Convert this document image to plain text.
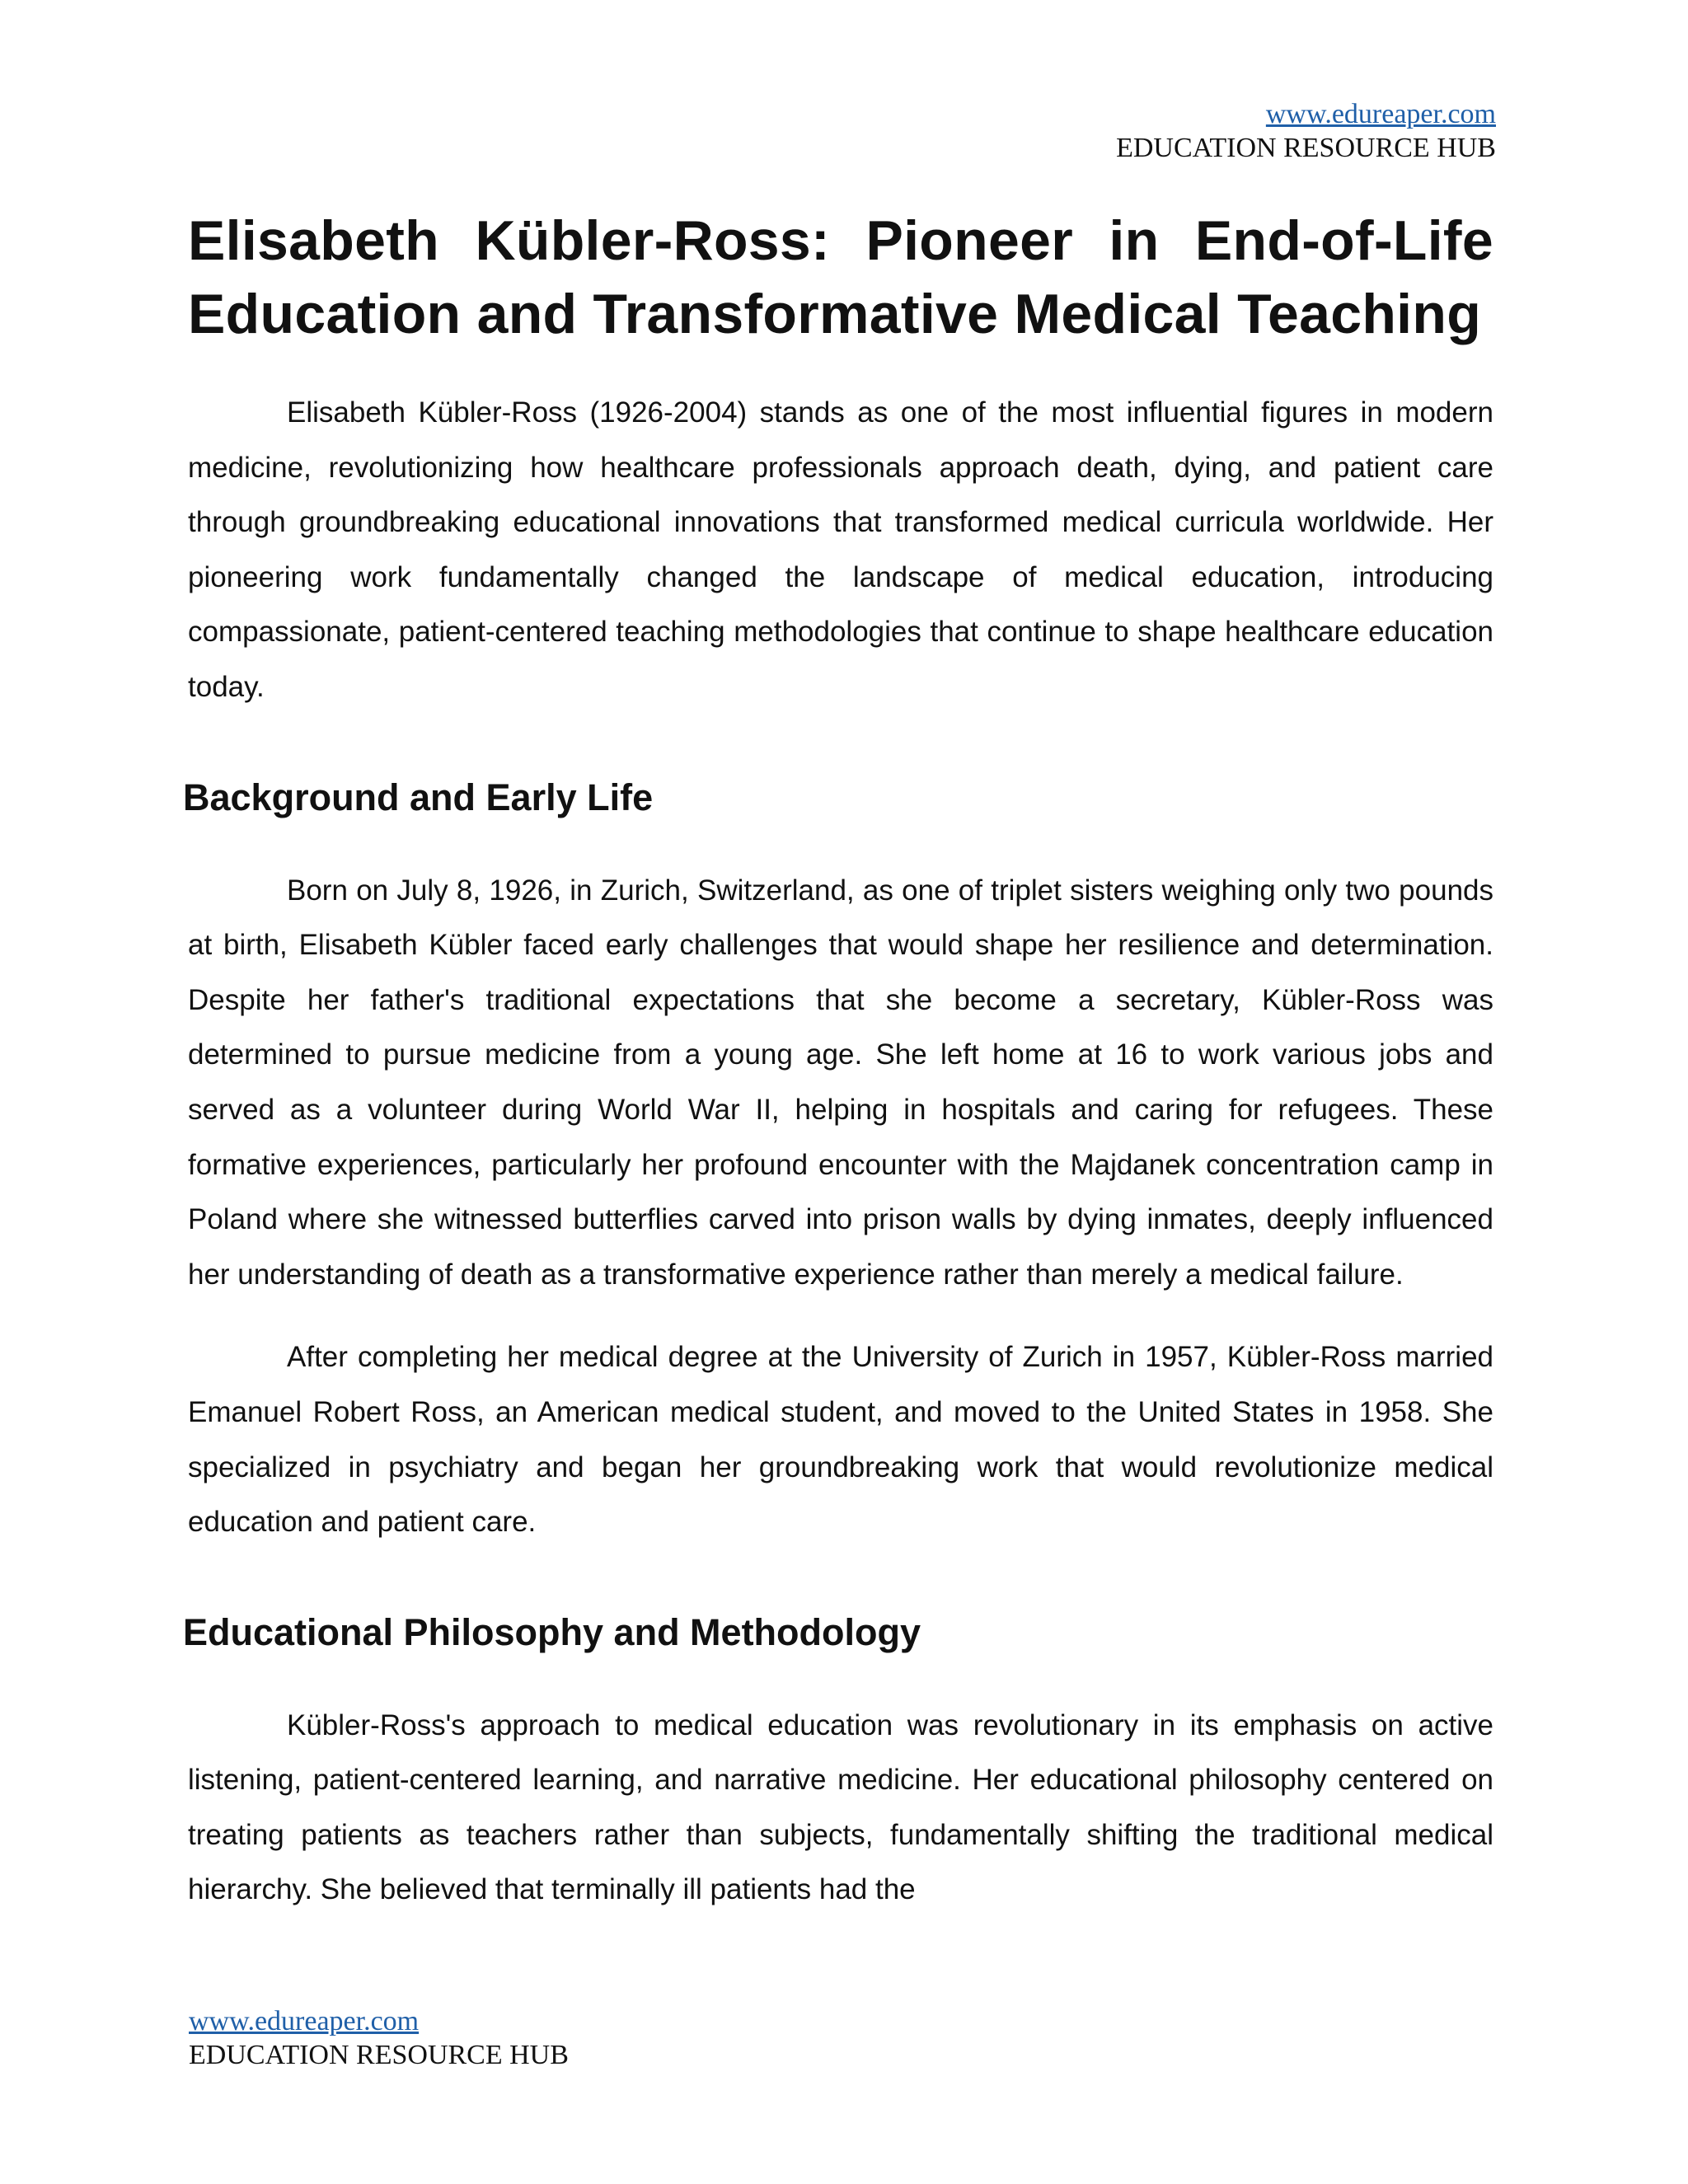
www.edureaper.com
EDUCATION RESOURCE HUB
Elisabeth Kübler-Ross: Pioneer in End-of-Life Education and Transformative Medical Teaching

Elisabeth Kübler-Ross (1926-2004) stands as one of the most influential figures in modern medicine, revolutionizing how healthcare professionals approach death, dying, and patient care through groundbreaking educational innovations that transformed medical curricula worldwide. Her pioneering work fundamentally changed the landscape of medical education, introducing compassionate, patient-centered teaching methodologies that continue to shape healthcare education today.

Background and Early Life

Born on July 8, 1926, in Zurich, Switzerland, as one of triplet sisters weighing only two pounds at birth, Elisabeth Kübler faced early challenges that would shape her resilience and determination. Despite her father's traditional expectations that she become a secretary, Kübler-Ross was determined to pursue medicine from a young age. She left home at 16 to work various jobs and served as a volunteer during World War II, helping in hospitals and caring for refugees. These formative experiences, particularly her profound encounter with the Majdanek concentration camp in Poland where she witnessed butterflies carved into prison walls by dying inmates, deeply influenced her understanding of death as a transformative experience rather than merely a medical failure.

After completing her medical degree at the University of Zurich in 1957, Kübler-Ross married Emanuel Robert Ross, an American medical student, and moved to the United States in 1958. She specialized in psychiatry and began her groundbreaking work that would revolutionize medical education and patient care.

Educational Philosophy and Methodology

Kübler-Ross's approach to medical education was revolutionary in its emphasis on active listening, patient-centered learning, and narrative medicine. Her educational philosophy centered on treating patients as teachers rather than subjects, fundamentally shifting the traditional medical hierarchy. She believed that terminally ill patients had the

www.edureaper.com
EDUCATION RESOURCE HUB
